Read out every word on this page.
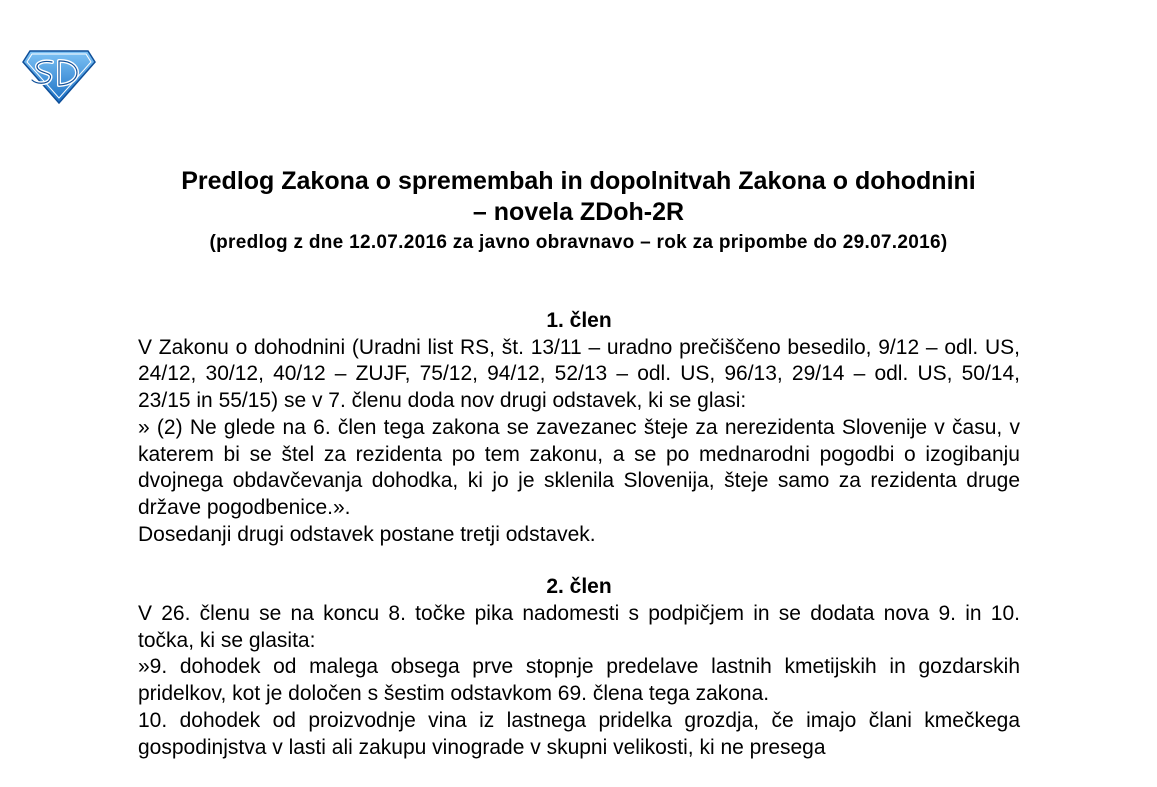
Predlog Zakona o spremembah in dopolnitvah Zakona o dohodnini

– novela ZDoh-2R

(predlog z dne 12.07.2016 za javno obravnavo – rok za pripombe do 29.07.2016)

1. člen

V Zakonu o dohodnini (Uradni list RS, št. 13/11 – uradno prečiščeno besedilo, 9/12 – odl. US, 24/12, 30/12, 40/12 – ZUJF, 75/12, 94/12, 52/13 – odl. US, 96/13, 29/14 – odl. US, 50/14, 23/15 in 55/15) se v 7. členu doda nov drugi odstavek, ki se glasi:

» (2) Ne glede na 6. člen tega zakona se zavezanec šteje za nerezidenta Slovenije v času, v katerem bi se štel za rezidenta po tem zakonu, a se po mednarodni pogodbi o izogibanju dvojnega obdavčevanja dohodka, ki jo je sklenila Slovenija, šteje samo za rezidenta druge države pogodbenice.».

Dosedanji drugi odstavek postane tretji odstavek.

2. člen

V 26. členu se na koncu 8. točke pika nadomesti s podpičjem in se dodata nova 9. in 10. točka, ki se glasita:

»9. dohodek od malega obsega prve stopnje predelave lastnih kmetijskih in gozdarskih pridelkov, kot je določen s šestim odstavkom 69. člena tega zakona.

10. dohodek od proizvodnje vina iz lastnega pridelka grozdja, če imajo člani kmečkega gospodinjstva v lasti ali zakupu vinograde v skupni velikosti, ki ne presega
